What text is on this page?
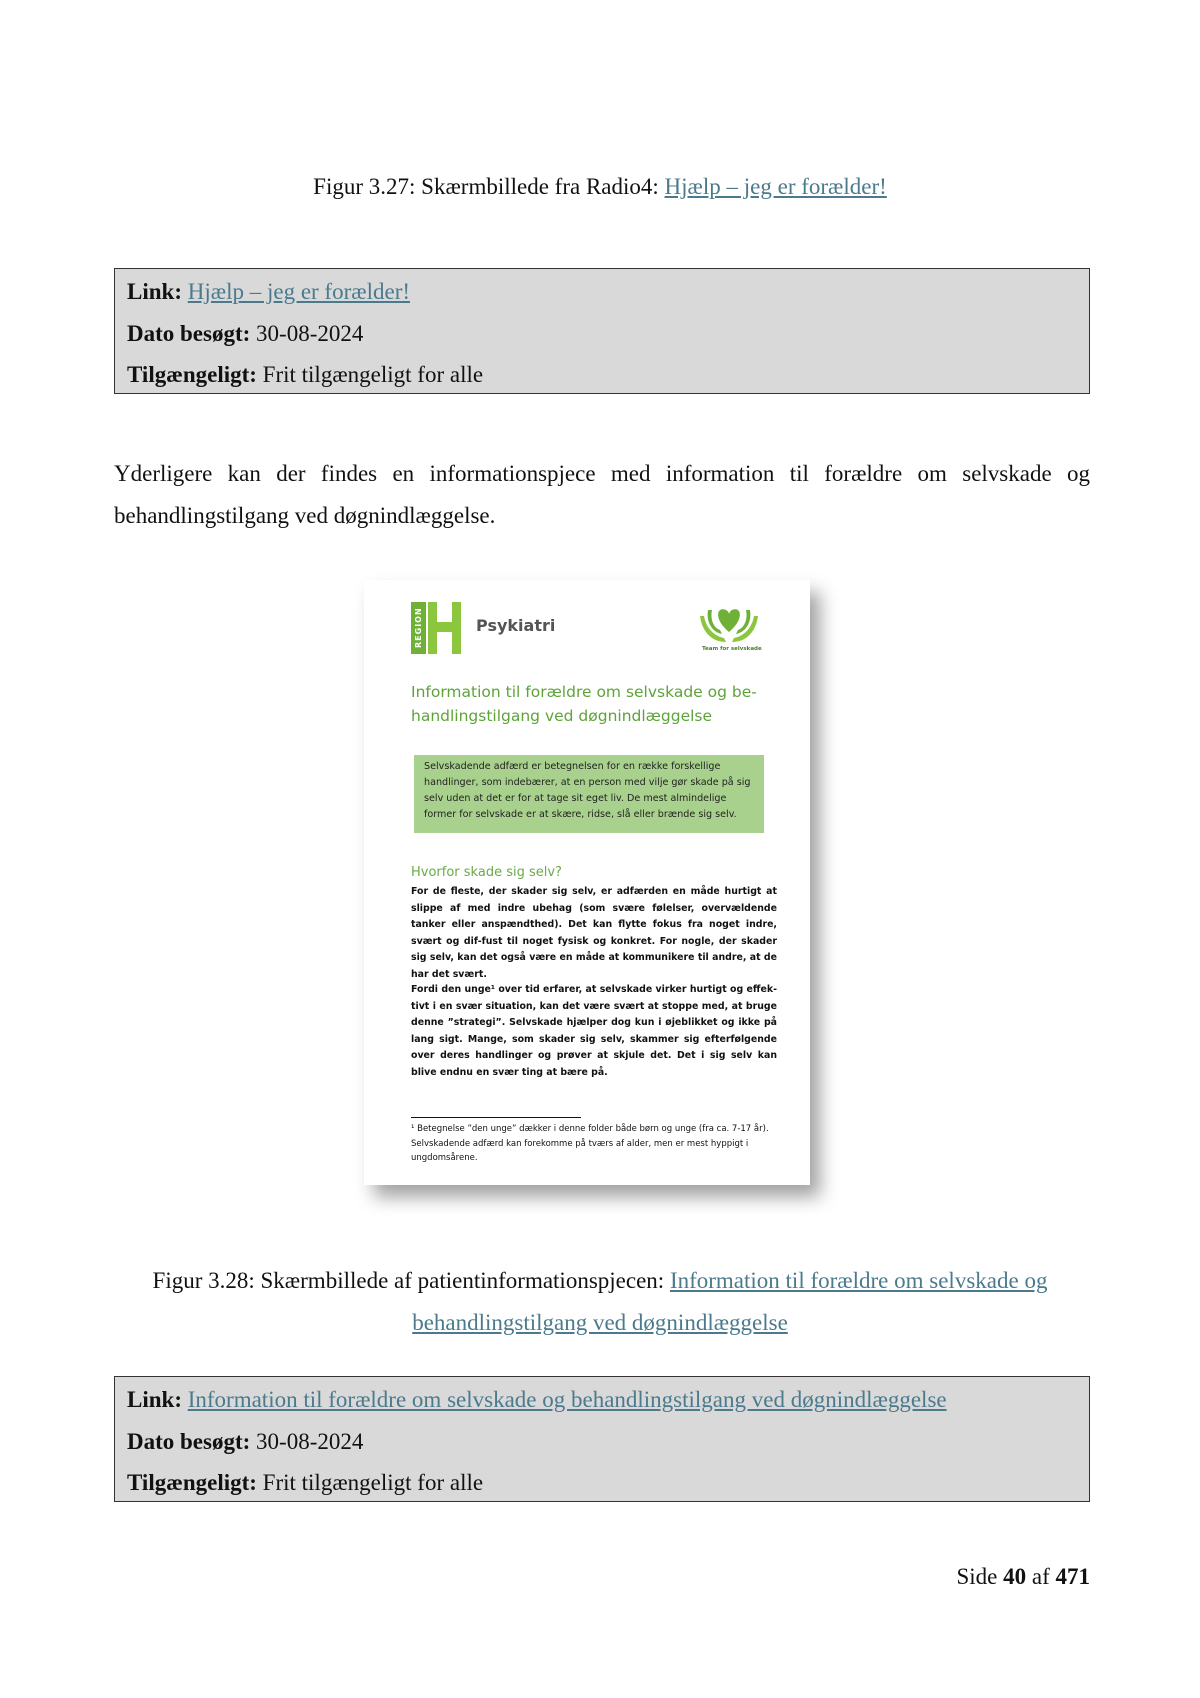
Figur 3.27: Skærmbillede fra Radio4: Hjælp – jeg er forælder!
Link: Hjælp – jeg er forælder!
Dato besøgt: 30-08-2024
Tilgængeligt: Frit tilgængeligt for alle
Yderligere kan der findes en informationspjece med information til forældre om selvskade og behandlingstilgang ved døgnindlæggelse.
REGION	Psykiatri
Team for selvskade
Information til forældre om selvskade og be-handlingstilgang ved døgnindlæggelse
Selvskadende adfærd er betegnelsen for en række forskellige handlinger, som indebærer, at en person med vilje gør skade på sig selv uden at det er for at tage sit eget liv. De mest almindelige former for selvskade er at skære, ridse, slå eller brænde sig selv.
Hvorfor skade sig selv?
For de fleste, der skader sig selv, er adfærden en måde hurtigt at slippe af med indre ubehag (som svære følelser, overvældende tanker eller anspændthed). Det kan flytte fokus fra noget indre, svært og dif-fust til noget fysisk og konkret. For nogle, der skader sig selv, kan det også være en måde at kommunikere til andre, at de har det svært.
Fordi den unge¹ over tid erfarer, at selvskade virker hurtigt og effek-tivt i en svær situation, kan det være svært at stoppe med, at bruge denne ”strategi”. Selvskade hjælper dog kun i øjeblikket og ikke på lang sigt. Mange, som skader sig selv, skammer sig efterfølgende over deres handlinger og prøver at skjule det. Det i sig selv kan blive endnu en svær ting at bære på.
¹ Betegnelse ”den unge” dækker i denne folder både børn og unge (fra ca. 7-17 år). Selvskadende adfærd kan forekomme på tværs af alder, men er mest hyppigt i ungdomsårene.
Figur 3.28: Skærmbillede af patientinformationspjecen: Information til forældre om selvskade og behandlingstilgang ved døgnindlæggelse
Link: Information til forældre om selvskade og behandlingstilgang ved døgnindlæggelse
Dato besøgt: 30-08-2024
Tilgængeligt: Frit tilgængeligt for alle
Side 40 af 471
